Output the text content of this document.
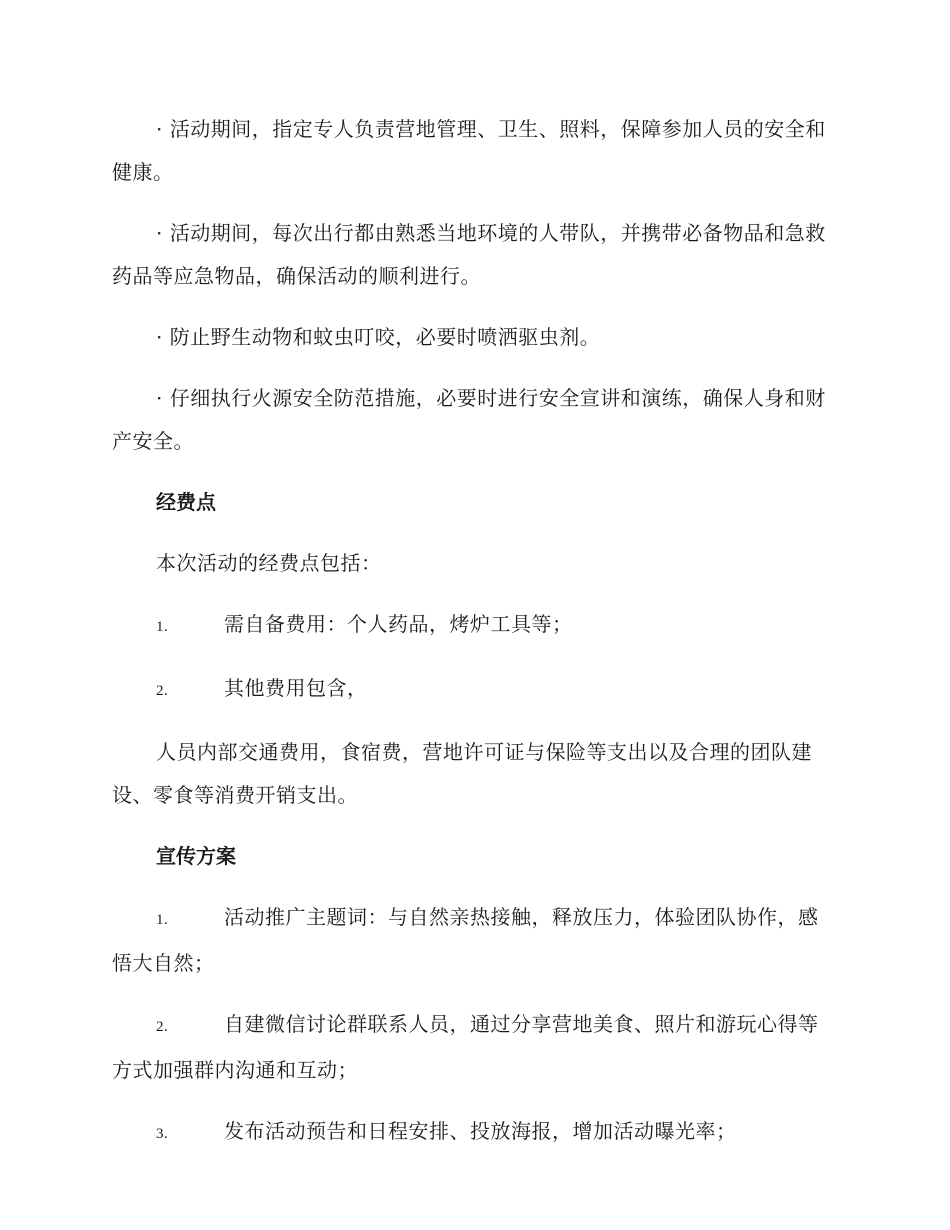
· 活动期间，指定专人负责营地管理、卫生、照料，保障参加人员的安全和健康。

· 活动期间，每次出行都由熟悉当地环境的人带队，并携带必备物品和急救药品等应急物品，确保活动的顺利进行。

· 防止野生动物和蚊虫叮咬，必要时喷洒驱虫剂。

· 仔细执行火源安全防范措施，必要时进行安全宣讲和演练，确保人身和财产安全。

经费点

本次活动的经费点包括：

1.	需自备费用：个人药品，烤炉工具等；
2.	其他费用包含，

人员内部交通费用，食宿费，营地许可证与保险等支出以及合理的团队建设、零食等消费开销支出。

宣传方案
1.	活动推广主题词：与自然亲热接触，释放压力，体验团队协作，感悟大自然；
2.	自建微信讨论群联系人员，通过分享营地美食、照片和游玩心得等方式加强群内沟通和互动；
3.	发布活动预告和日程安排、投放海报，增加活动曝光率；
